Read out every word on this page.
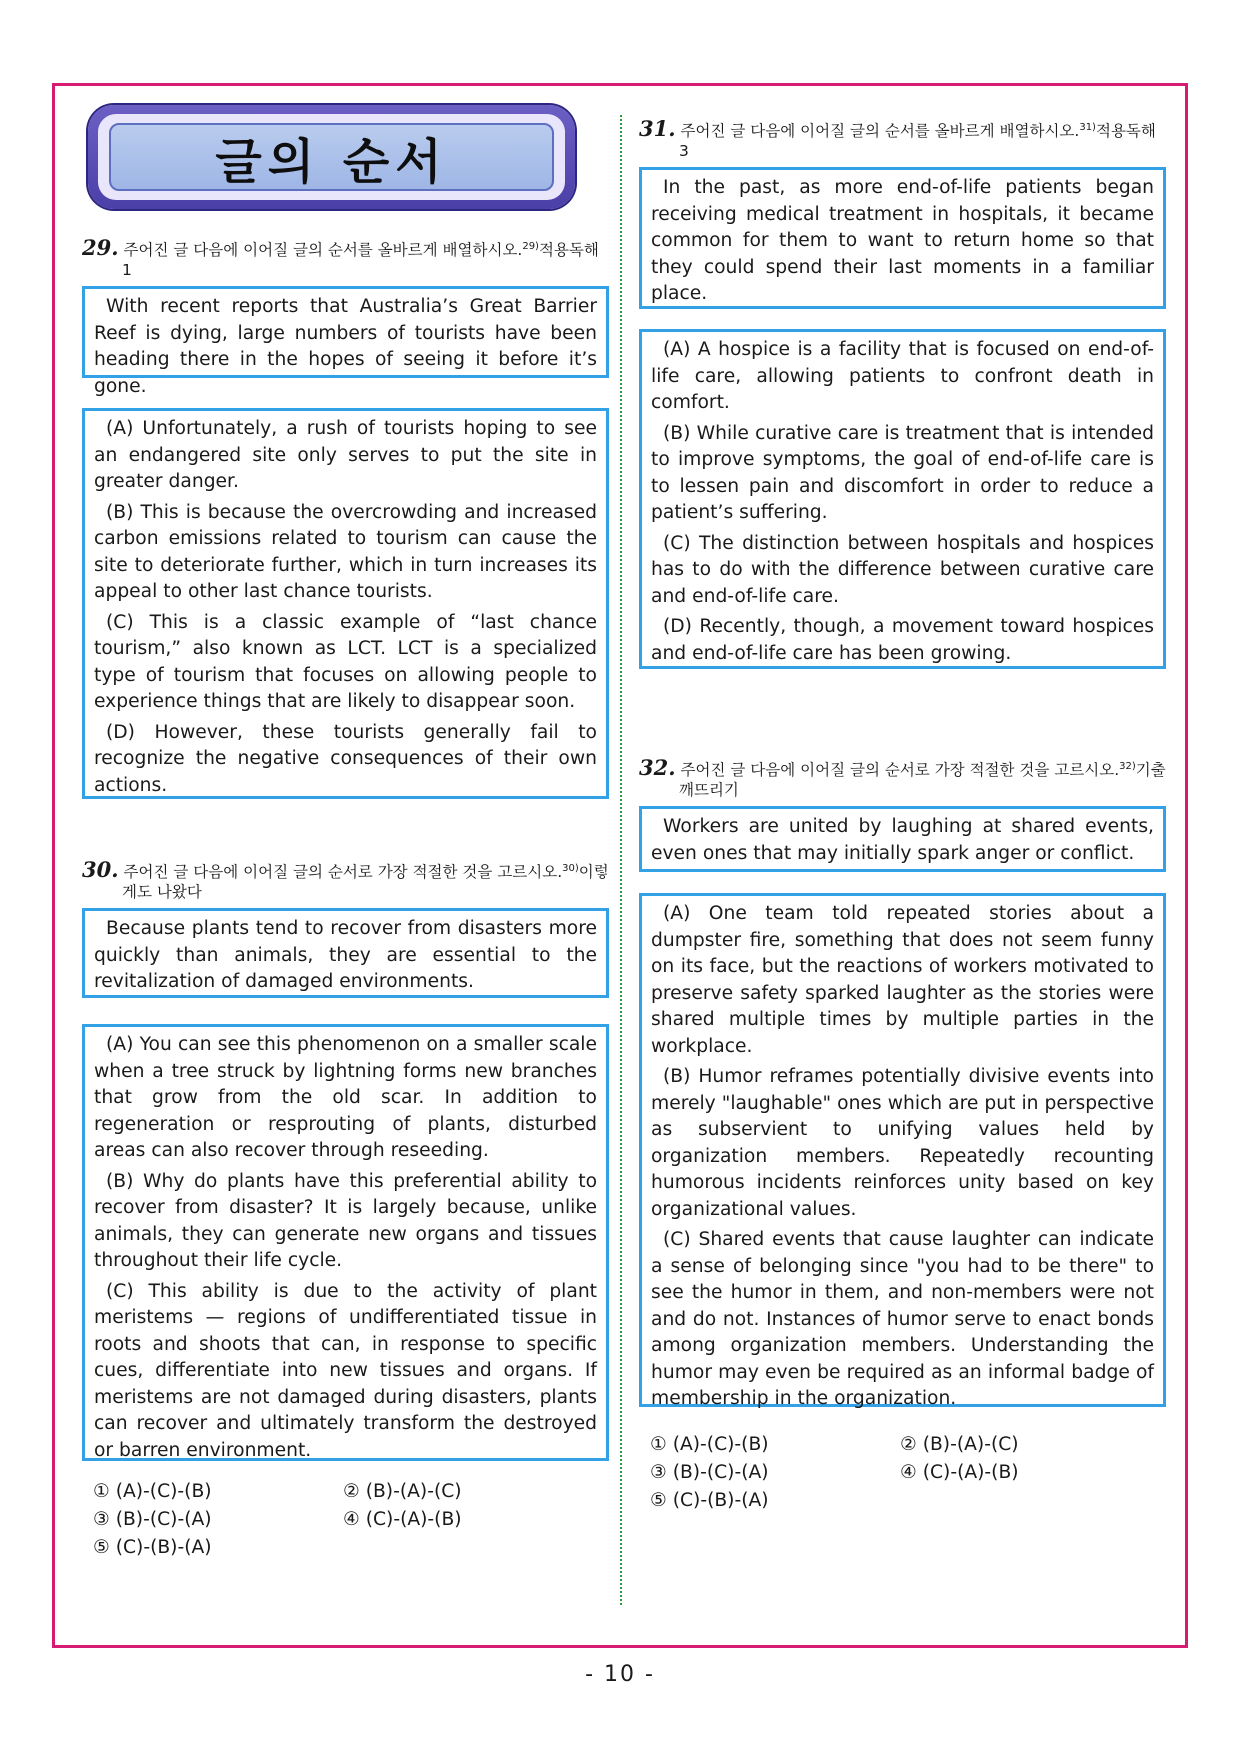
글의 순서
29. 주어진 글 다음에 이어질 글의 순서를 올바르게 배열하시오.$^{29)}$적용독해 1

With recent reports that Australia’s Great Barrier Reef is dying, large numbers of tourists have been heading there in the hopes of seeing it before it’s gone.

(A) Unfortunately, a rush of tourists hoping to see an endangered site only serves to put the site in greater danger.

(B) This is because the overcrowding and increased carbon emissions related to tourism can cause the site to deteriorate further, which in turn increases its appeal to other last chance tourists.

(C) This is a classic example of “last chance tourism,” also known as LCT. LCT is a specialized type of tourism that focuses on allowing people to experience things that are likely to disappear soon.

(D) However, these tourists generally fail to recognize the negative consequences of their own actions.

30. 주어진 글 다음에 이어질 글의 순서로 가장 적절한 것을 고르시오.$^{30)}$이렇게도 나왔다

Because plants tend to recover from disasters more quickly than animals, they are essential to the revitalization of damaged environments.

(A) You can see this phenomenon on a smaller scale when a tree struck by lightning forms new branches that grow from the old scar. In addition to regeneration or resprouting of plants, disturbed areas can also recover through reseeding.

(B) Why do plants have this preferential ability to recover from disaster? It is largely because, unlike animals, they can generate new organs and tissues throughout their life cycle.

(C) This ability is due to the activity of plant meristems — regions of undifferentiated tissue in roots and shoots that can, in response to specific cues, differentiate into new tissues and organs. If meristems are not damaged during disasters, plants can recover and ultimately transform the destroyed or barren environment.

① (A)-(C)-(B)	② (B)-(A)-(C)
③ (B)-(C)-(A)	④ (C)-(A)-(B)
⑤ (C)-(B)-(A)
31. 주어진 글 다음에 이어질 글의 순서를 올바르게 배열하시오.$^{31)}$적용독해 3

In the past, as more end-of-life patients began receiving medical treatment in hospitals, it became common for them to want to return home so that they could spend their last moments in a familiar place.

(A) A hospice is a facility that is focused on end-of-life care, allowing patients to confront death in comfort.

(B) While curative care is treatment that is intended to improve symptoms, the goal of end-of-life care is to lessen pain and discomfort in order to reduce a patient’s suffering.

(C) The distinction between hospitals and hospices has to do with the difference between curative care and end-of-life care.

(D) Recently, though, a movement toward hospices and end-of-life care has been growing.

32. 주어진 글 다음에 이어질 글의 순서로 가장 적절한 것을 고르시오.$^{32)}$기출 깨뜨리기

Workers are united by laughing at shared events, even ones that may initially spark anger or conflict.

(A) One team told repeated stories about a dumpster fire, something that does not seem funny on its face, but the reactions of workers motivated to preserve safety sparked laughter as the stories were shared multiple times by multiple parties in the workplace.

(B) Humor reframes potentially divisive events into merely "laughable" ones which are put in perspective as subservient to unifying values held by organization members. Repeatedly recounting humorous incidents reinforces unity based on key organizational values.

(C) Shared events that cause laughter can indicate a sense of belonging since "you had to be there" to see the humor in them, and non-members were not and do not. Instances of humor serve to enact bonds among organization members. Understanding the humor may even be required as an informal badge of membership in the organization.

① (A)-(C)-(B)	② (B)-(A)-(C)
③ (B)-(C)-(A)	④ (C)-(A)-(B)
⑤ (C)-(B)-(A)
- 10 -
